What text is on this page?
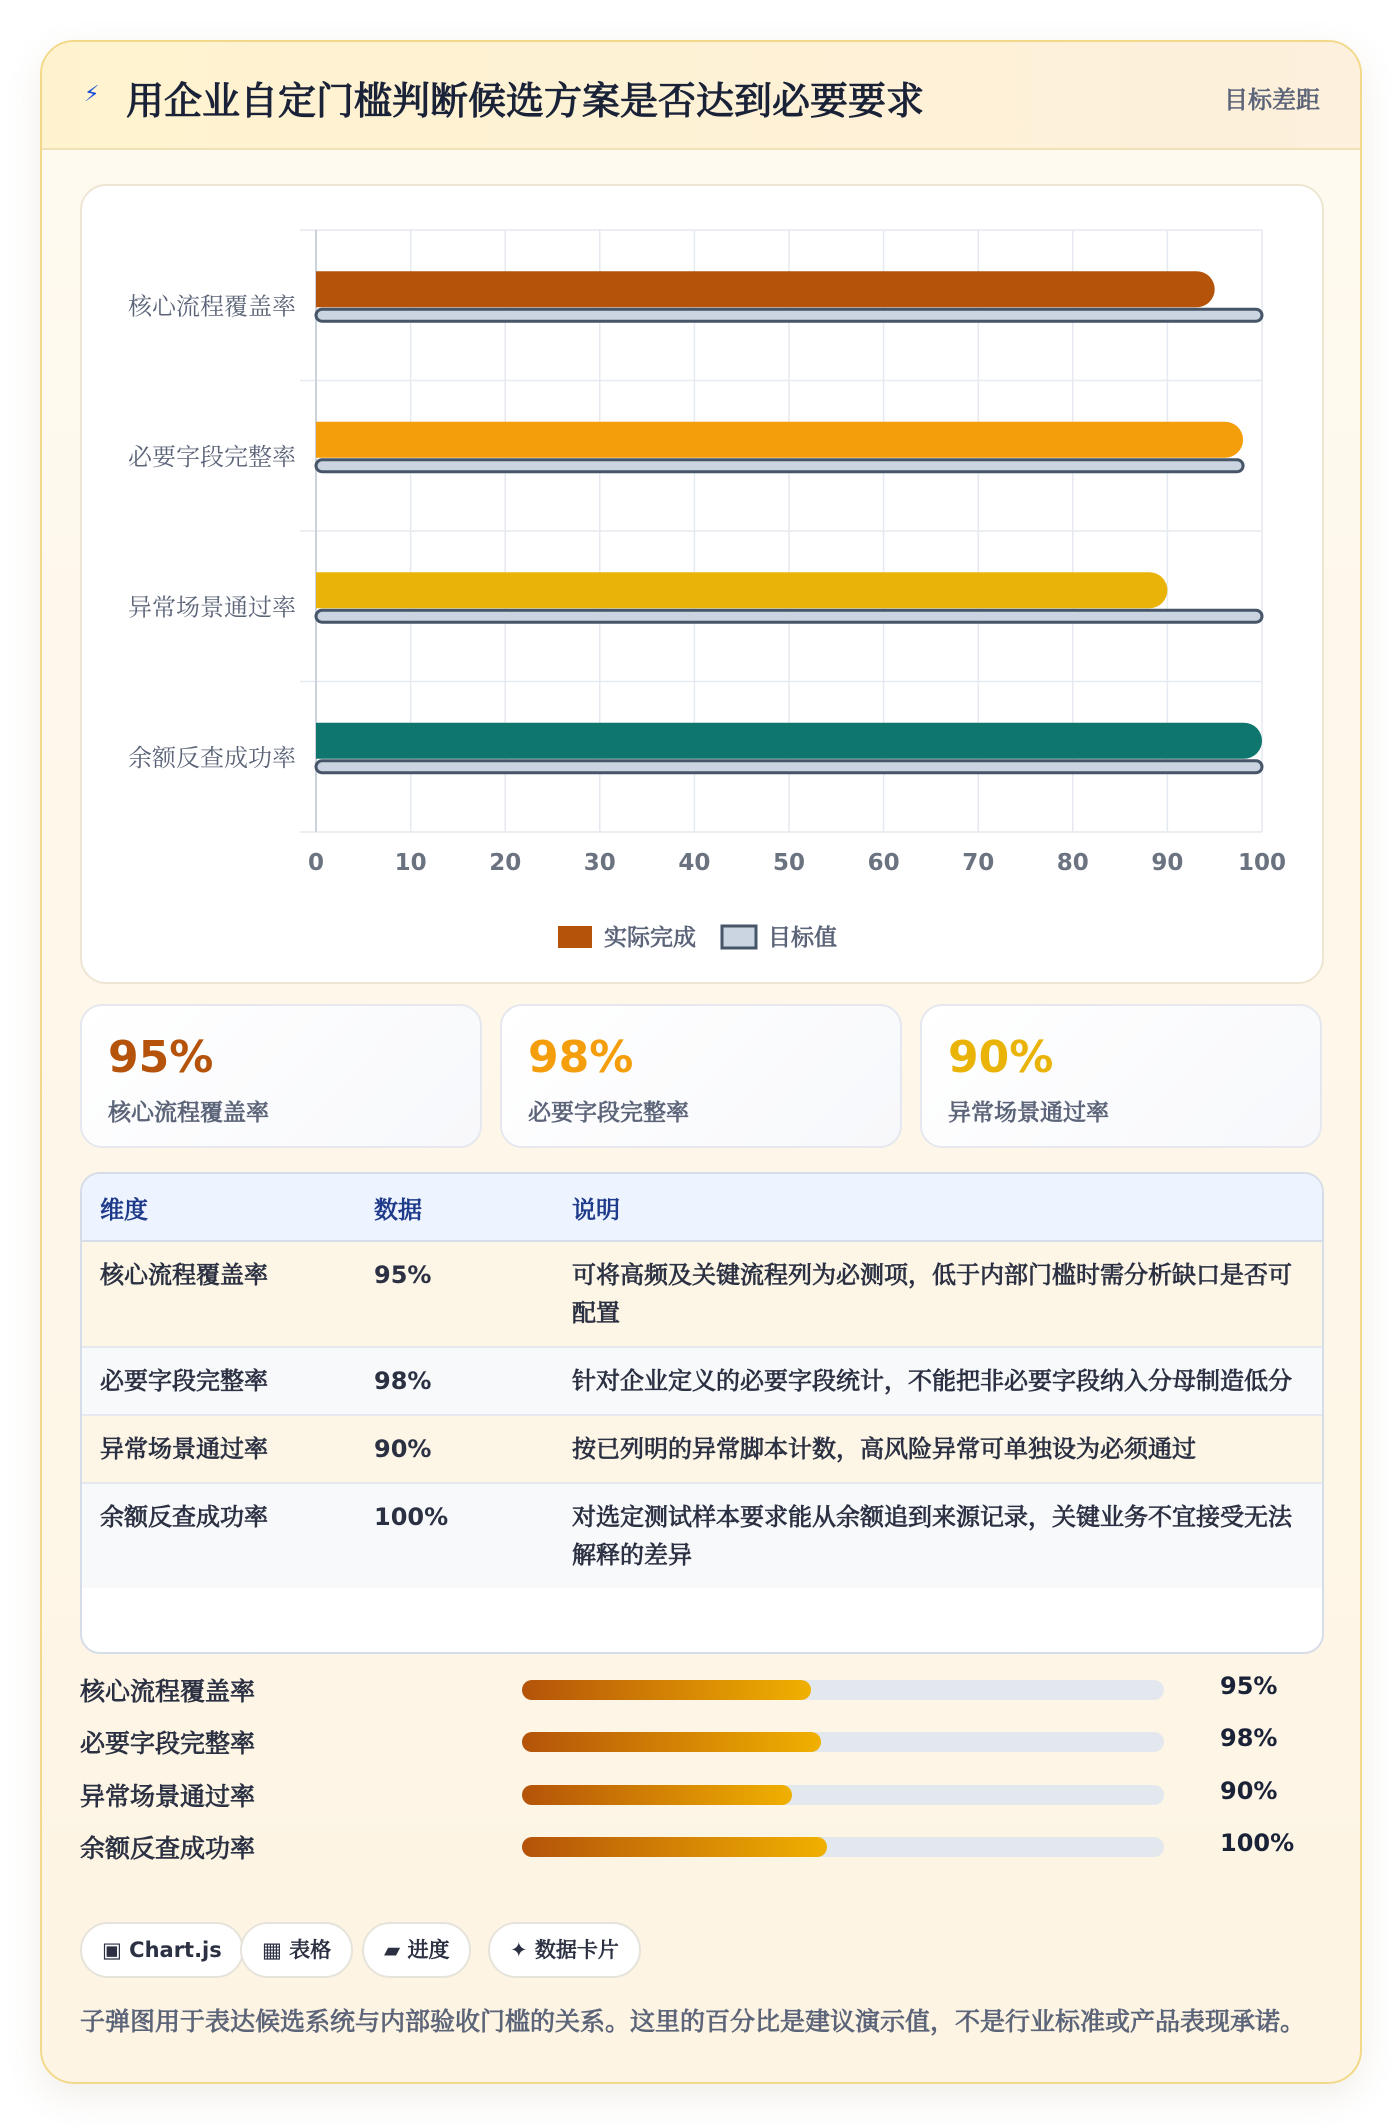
⚡ 用企业自定门槛判断候选方案是否达到必要要求	目标差距
0	10	20	30	40	50	60	70	80	90 100
核心流程覆盖率
必要字段完整率
异常场景通过率
余额反查成功率
实际完成	目标值
95%
核心流程覆盖率
98%
必要字段完整率
90%
异常场景通过率
维度	数据	说明
核心流程覆盖率	95%	可将高频及关键流程列为必测项，低于内部门槛时需分析缺口是否可配置
必要字段完整率	98%	针对企业定义的必要字段统计，不能把非必要字段纳入分母制造低分
异常场景通过率	90%	按已列明的异常脚本计数，高风险异常可单独设为必须通过
余额反查成功率	100%	对选定测试样本要求能从余额追到来源记录，关键业务不宜接受无法解释的差异
核心流程覆盖率	95%
必要字段完整率	98%
异常场景通过率	90%
余额反查成功率	100%
▣ Chart.js	▦ 表格	▰ 进度	✦ 数据卡片
子弹图用于表达候选系统与内部验收门槛的关系。这里的百分比是建议演示值，不是行业标准或产品表现承诺。
